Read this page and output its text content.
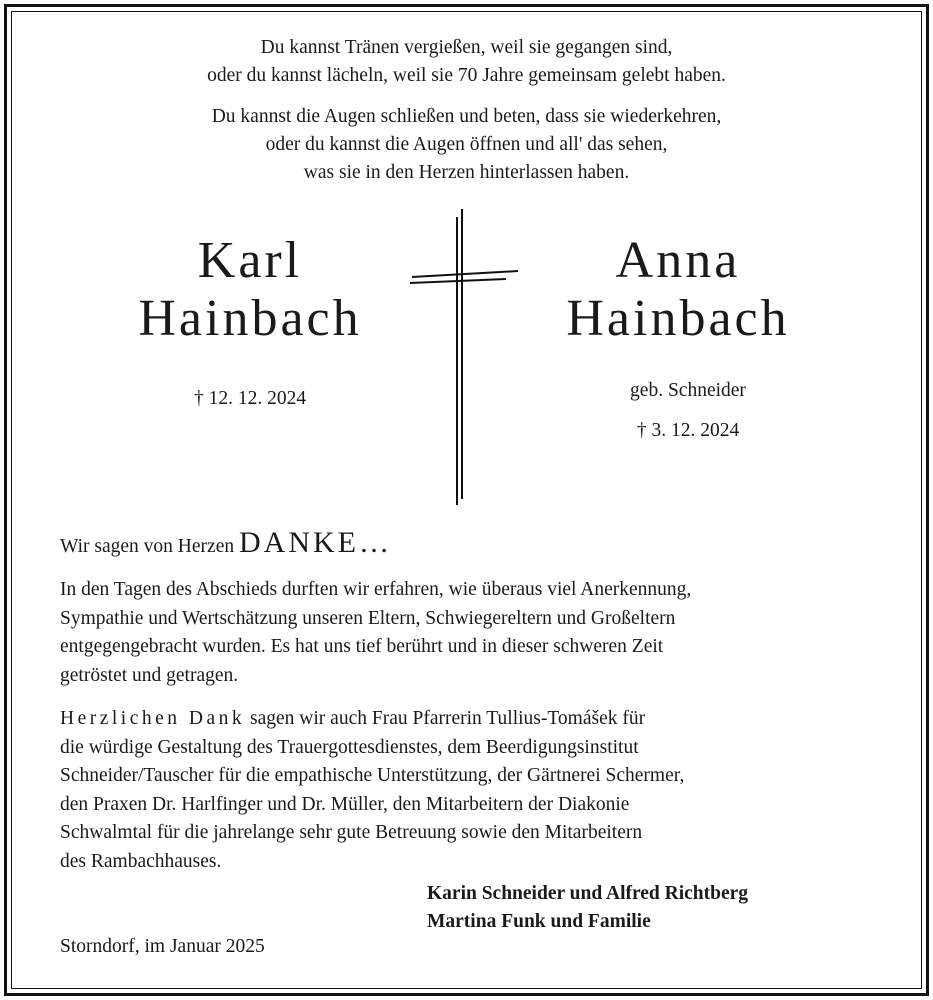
Du kannst Tränen vergießen, weil sie gegangen sind,
oder du kannst lächeln, weil sie 70 Jahre gemeinsam gelebt haben.
Du kannst die Augen schließen und beten, dass sie wiederkehren,
oder du kannst die Augen öffnen und all' das sehen,
was sie in den Herzen hinterlassen haben.
Karl
Hainbach
† 12. 12. 2024
Anna
Hainbach
geb. Schneider
† 3. 12. 2024
Wir sagen von Herzen DANKE…
In den Tagen des Abschieds durften wir erfahren, wie überaus viel Anerkennung,
Sympathie und Wertschätzung unseren Eltern, Schwiegereltern und Großeltern
entgegengebracht wurden. Es hat uns tief berührt und in dieser schweren Zeit
getröstet und getragen.
Herzlichen Dank sagen wir auch Frau Pfarrerin Tullius-Tomášek für
die würdige Gestaltung des Trauergottesdienstes, dem Beerdigungsinstitut
Schneider/Tauscher für die empathische Unterstützung, der Gärtnerei Schermer,
den Praxen Dr. Harlfinger und Dr. Müller, den Mitarbeitern der Diakonie
Schwalmtal für die jahrelange sehr gute Betreuung sowie den Mitarbeitern
des Rambachhauses.
Karin Schneider und Alfred Richtberg
Martina Funk und Familie
Storndorf, im Januar 2025
